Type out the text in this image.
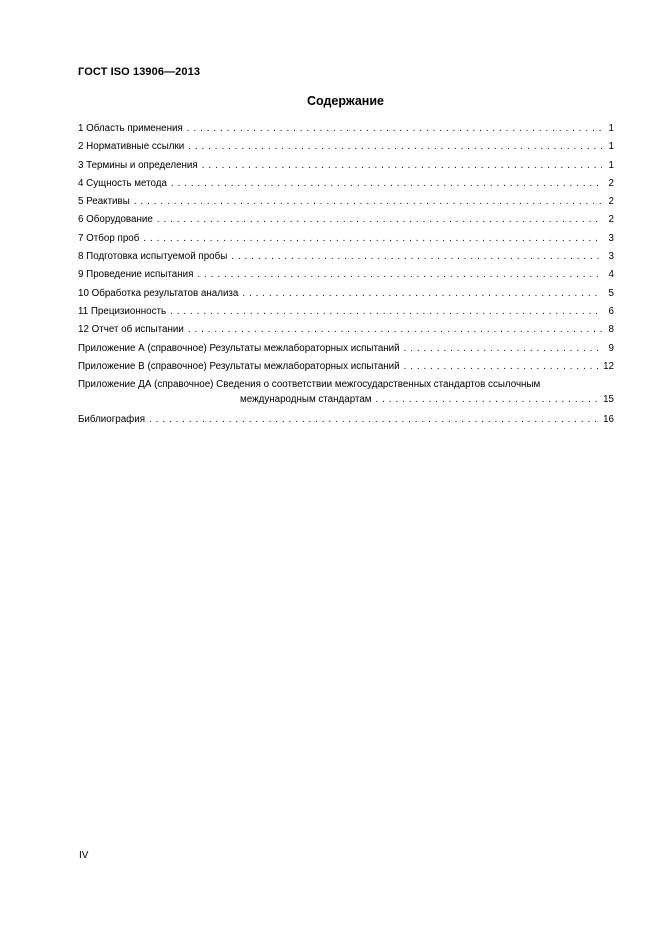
ГОСТ ISO 13906—2013
Содержание
1 Область применения . . .	1
2 Нормативные ссылки . . .	1
3 Термины и определения . . .	1
4 Сущность метода . . .	2
5 Реактивы . . .	2
6 Оборудование . . .	2
7 Отбор проб . . .	3
8 Подготовка испытуемой пробы . . .	3
9 Проведение испытания . . .	4
10 Обработка результатов анализа . . .	5
11 Прецизионность . . .	6
12 Отчет об испытании . . .	8
Приложение А (справочное) Результаты межлабораторных испытаний . . .	9
Приложение В (справочное) Результаты межлабораторных испытаний . . .	12
Приложение ДА (справочное) Сведения о соответствии межгосударственных стандартов ссылочным
международным стандартам . . .	15
Библиография . . .	16
IV
